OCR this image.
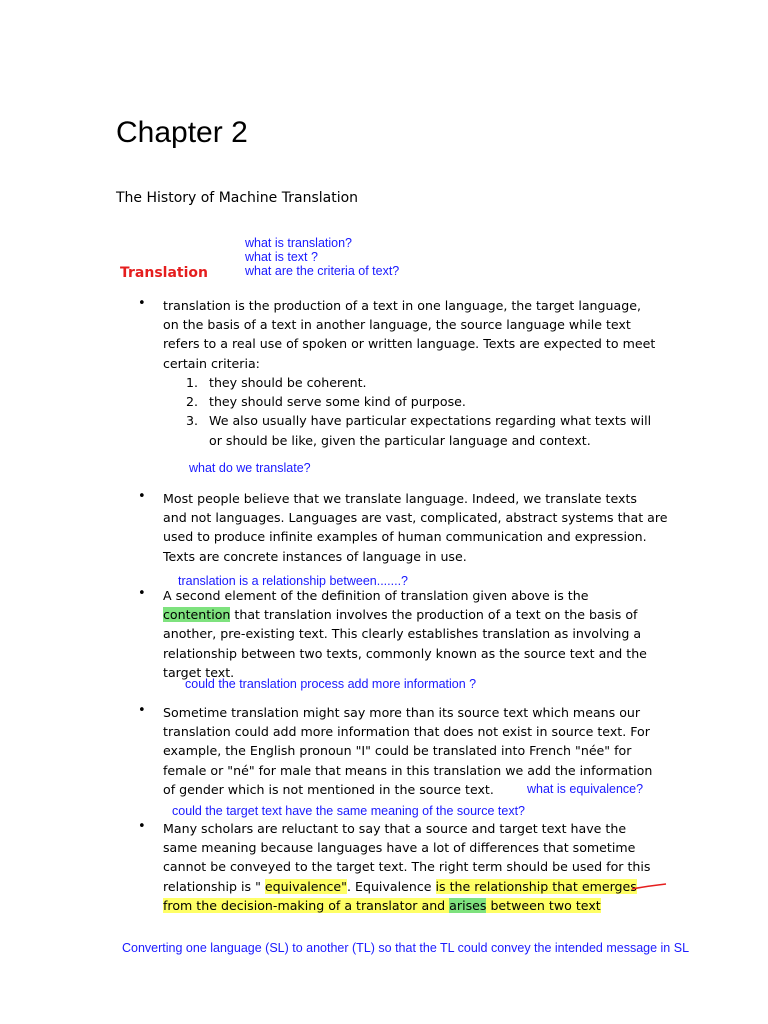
Chapter 2
The History of Machine Translation
what is translation?
what is text ?
what are the criteria of text?
Translation
• translation is the production of a text in one language, the target language,
on the basis of a text in another language, the source language while text
refers to a real use of spoken or written language. Texts are expected to meet
certain criteria:
1. they should be coherent.
2. they should serve some kind of purpose.
3. We also usually have particular expectations regarding what texts will
or should be like, given the particular language and context.
what do we translate?
• Most people believe that we translate language. Indeed, we translate texts
and not languages. Languages are vast, complicated, abstract systems that are
used to produce infinite examples of human communication and expression.
Texts are concrete instances of language in use.
translation is a relationship between.......?
• A second element of the definition of translation given above is the
contention that translation involves the production of a text on the basis of
another, pre-existing text. This clearly establishes translation as involving a
relationship between two texts, commonly known as the source text and the
target text.
could the translation process add more information ?
• Sometime translation might say more than its source text which means our
translation could add more information that does not exist in source text. For
example, the English pronoun "I" could be translated into French "née" for
female or "né" for male that means in this translation we add the information
of gender which is not mentioned in the source text.	what is equivalence?
could the target text have the same meaning of the source text?
• Many scholars are reluctant to say that a source and target text have the
same meaning because languages have a lot of differences that sometime
cannot be conveyed to the target text. The right term should be used for this
relationship is " equivalence". Equivalence is the relationship that emerges
from the decision-making of a translator and arises between two text
Converting one language (SL) to another (TL) so that the TL could convey the intended message in SL
